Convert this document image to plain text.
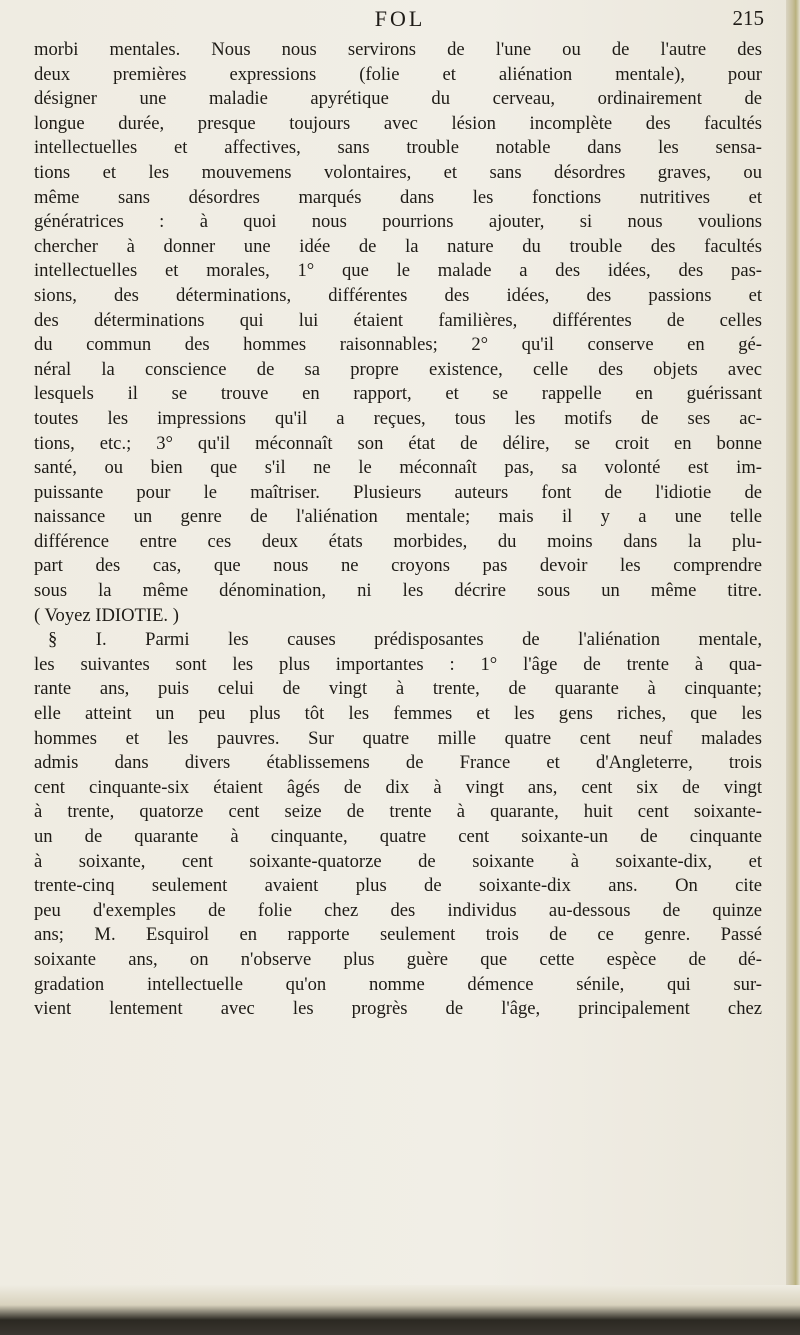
FOL	215
morbi mentales. Nous nous servirons de l'une ou de l'autre des
deux premières expressions (folie et aliénation mentale), pour
désigner une maladie apyrétique du cerveau, ordinairement de
longue durée, presque toujours avec lésion incomplète des facultés
intellectuelles et affectives, sans trouble notable dans les sensa-
tions et les mouvemens volontaires, et sans désordres graves, ou
même sans désordres marqués dans les fonctions nutritives et
génératrices : à quoi nous pourrions ajouter, si nous voulions
chercher à donner une idée de la nature du trouble des facultés
intellectuelles et morales, 1° que le malade a des idées, des pas-
sions, des déterminations, différentes des idées, des passions et
des déterminations qui lui étaient familières, différentes de celles
du commun des hommes raisonnables; 2° qu'il conserve en gé-
néral la conscience de sa propre existence, celle des objets avec
lesquels il se trouve en rapport, et se rappelle en guérissant
toutes les impressions qu'il a reçues, tous les motifs de ses ac-
tions, etc.; 3° qu'il méconnaît son état de délire, se croit en bonne
santé, ou bien que s'il ne le méconnaît pas, sa volonté est im-
puissante pour le maîtriser. Plusieurs auteurs font de l'idiotie de
naissance un genre de l'aliénation mentale; mais il y a une telle
différence entre ces deux états morbides, du moins dans la plu-
part des cas, que nous ne croyons pas devoir les comprendre
sous la même dénomination, ni les décrire sous un même titre.
( Voyez IDIOTIE. )
§ I. Parmi les causes prédisposantes de l'aliénation mentale,
les suivantes sont les plus importantes : 1° l'âge de trente à qua-
rante ans, puis celui de vingt à trente, de quarante à cinquante;
elle atteint un peu plus tôt les femmes et les gens riches, que les
hommes et les pauvres. Sur quatre mille quatre cent neuf malades
admis dans divers établissemens de France et d'Angleterre, trois
cent cinquante-six étaient âgés de dix à vingt ans, cent six de vingt
à trente, quatorze cent seize de trente à quarante, huit cent soixante-
un de quarante à cinquante, quatre cent soixante-un de cinquante
à soixante, cent soixante-quatorze de soixante à soixante-dix, et
trente-cinq seulement avaient plus de soixante-dix ans. On cite
peu d'exemples de folie chez des individus au-dessous de quinze
ans; M. Esquirol en rapporte seulement trois de ce genre. Passé
soixante ans, on n'observe plus guère que cette espèce de dé-
gradation intellectuelle qu'on nomme démence sénile, qui sur-
vient lentement avec les progrès de l'âge, principalement chez
